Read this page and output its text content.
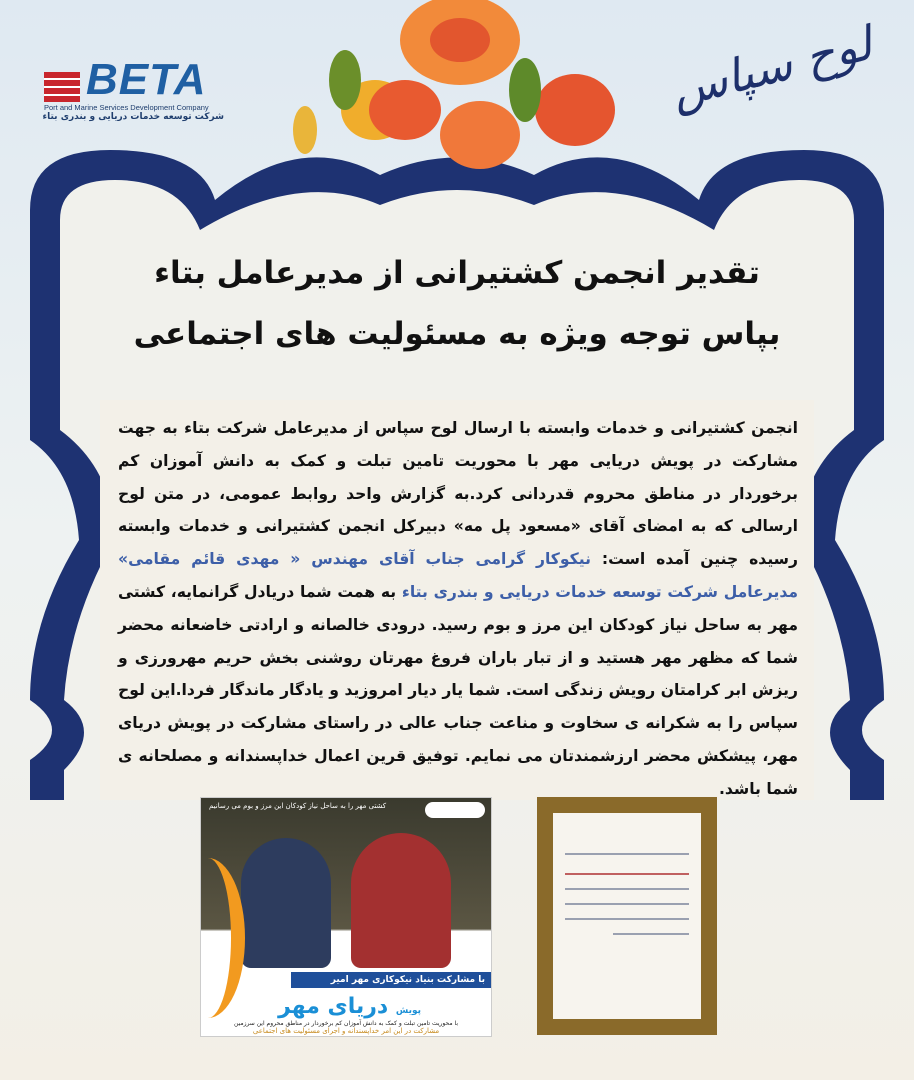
BETA
Port and Marine Services Development Company
شرکت توسعه خدمات دریایی و بندری بتاء	لوح سپاس
تقدیر انجمن کشتیرانی از مدیرعامل بتاء
بپاس توجه ویژه به مسئولیت های اجتماعی
انجمن کشتیرانی و خدمات وابسته با ارسال لوح سپاس از مدیرعامل شرکت بتاء به جهت مشارکت در پویش دریایی مهر با محوریت تامین تبلت و کمک به دانش آموزان کم برخوردار در مناطق محروم قدردانی کرد.به گزارش واحد روابط عمومی، در متن لوح ارسالی که به امضای آقای «مسعود پل مه» دبیرکل انجمن کشتیرانی و خدمات وابسته رسیده چنین آمده است: نیکوکار گرامی جناب آقای مهندس « مهدی قائم مقامی» مدیرعامل شرکت توسعه خدمات دریایی و بندری بتاء به همت شما دریادل گرانمایه، کشتی مهر به ساحل نیاز کودکان این مرز و بوم رسید. درودی خالصانه و ارادتی خاضعانه محضر شما که مظهر مهر هستید و از تبار باران فروغ مهرتان روشنی بخش حریم مهرورزی و ریزش ابر کرامتان رویش زندگی است. شما یار دیار امروزید و یادگار ماندگار فردا.این لوح سپاس را به شکرانه ی سخاوت و مناعت جناب عالی در راستای مشارکت در پویش دریای مهر، پیشکش محضر ارزشمندتان می نمایم. توفیق قرین اعمال خداپسندانه و مصلحانه ی شما باشد.
کشتی مهر را به ساحل نیاز کودکان این مرز و بوم می رسانیم
با مشارکت بنیاد نیکوکاری مهر امیر
پویش دریای مهر
با محوریت تامین تبلت و کمک به دانش آموزان کم برخوردار در مناطق محروم این سرزمین
مشارکت در این امر خداپسندانه و اجرای مسئولیت های اجتماعی
